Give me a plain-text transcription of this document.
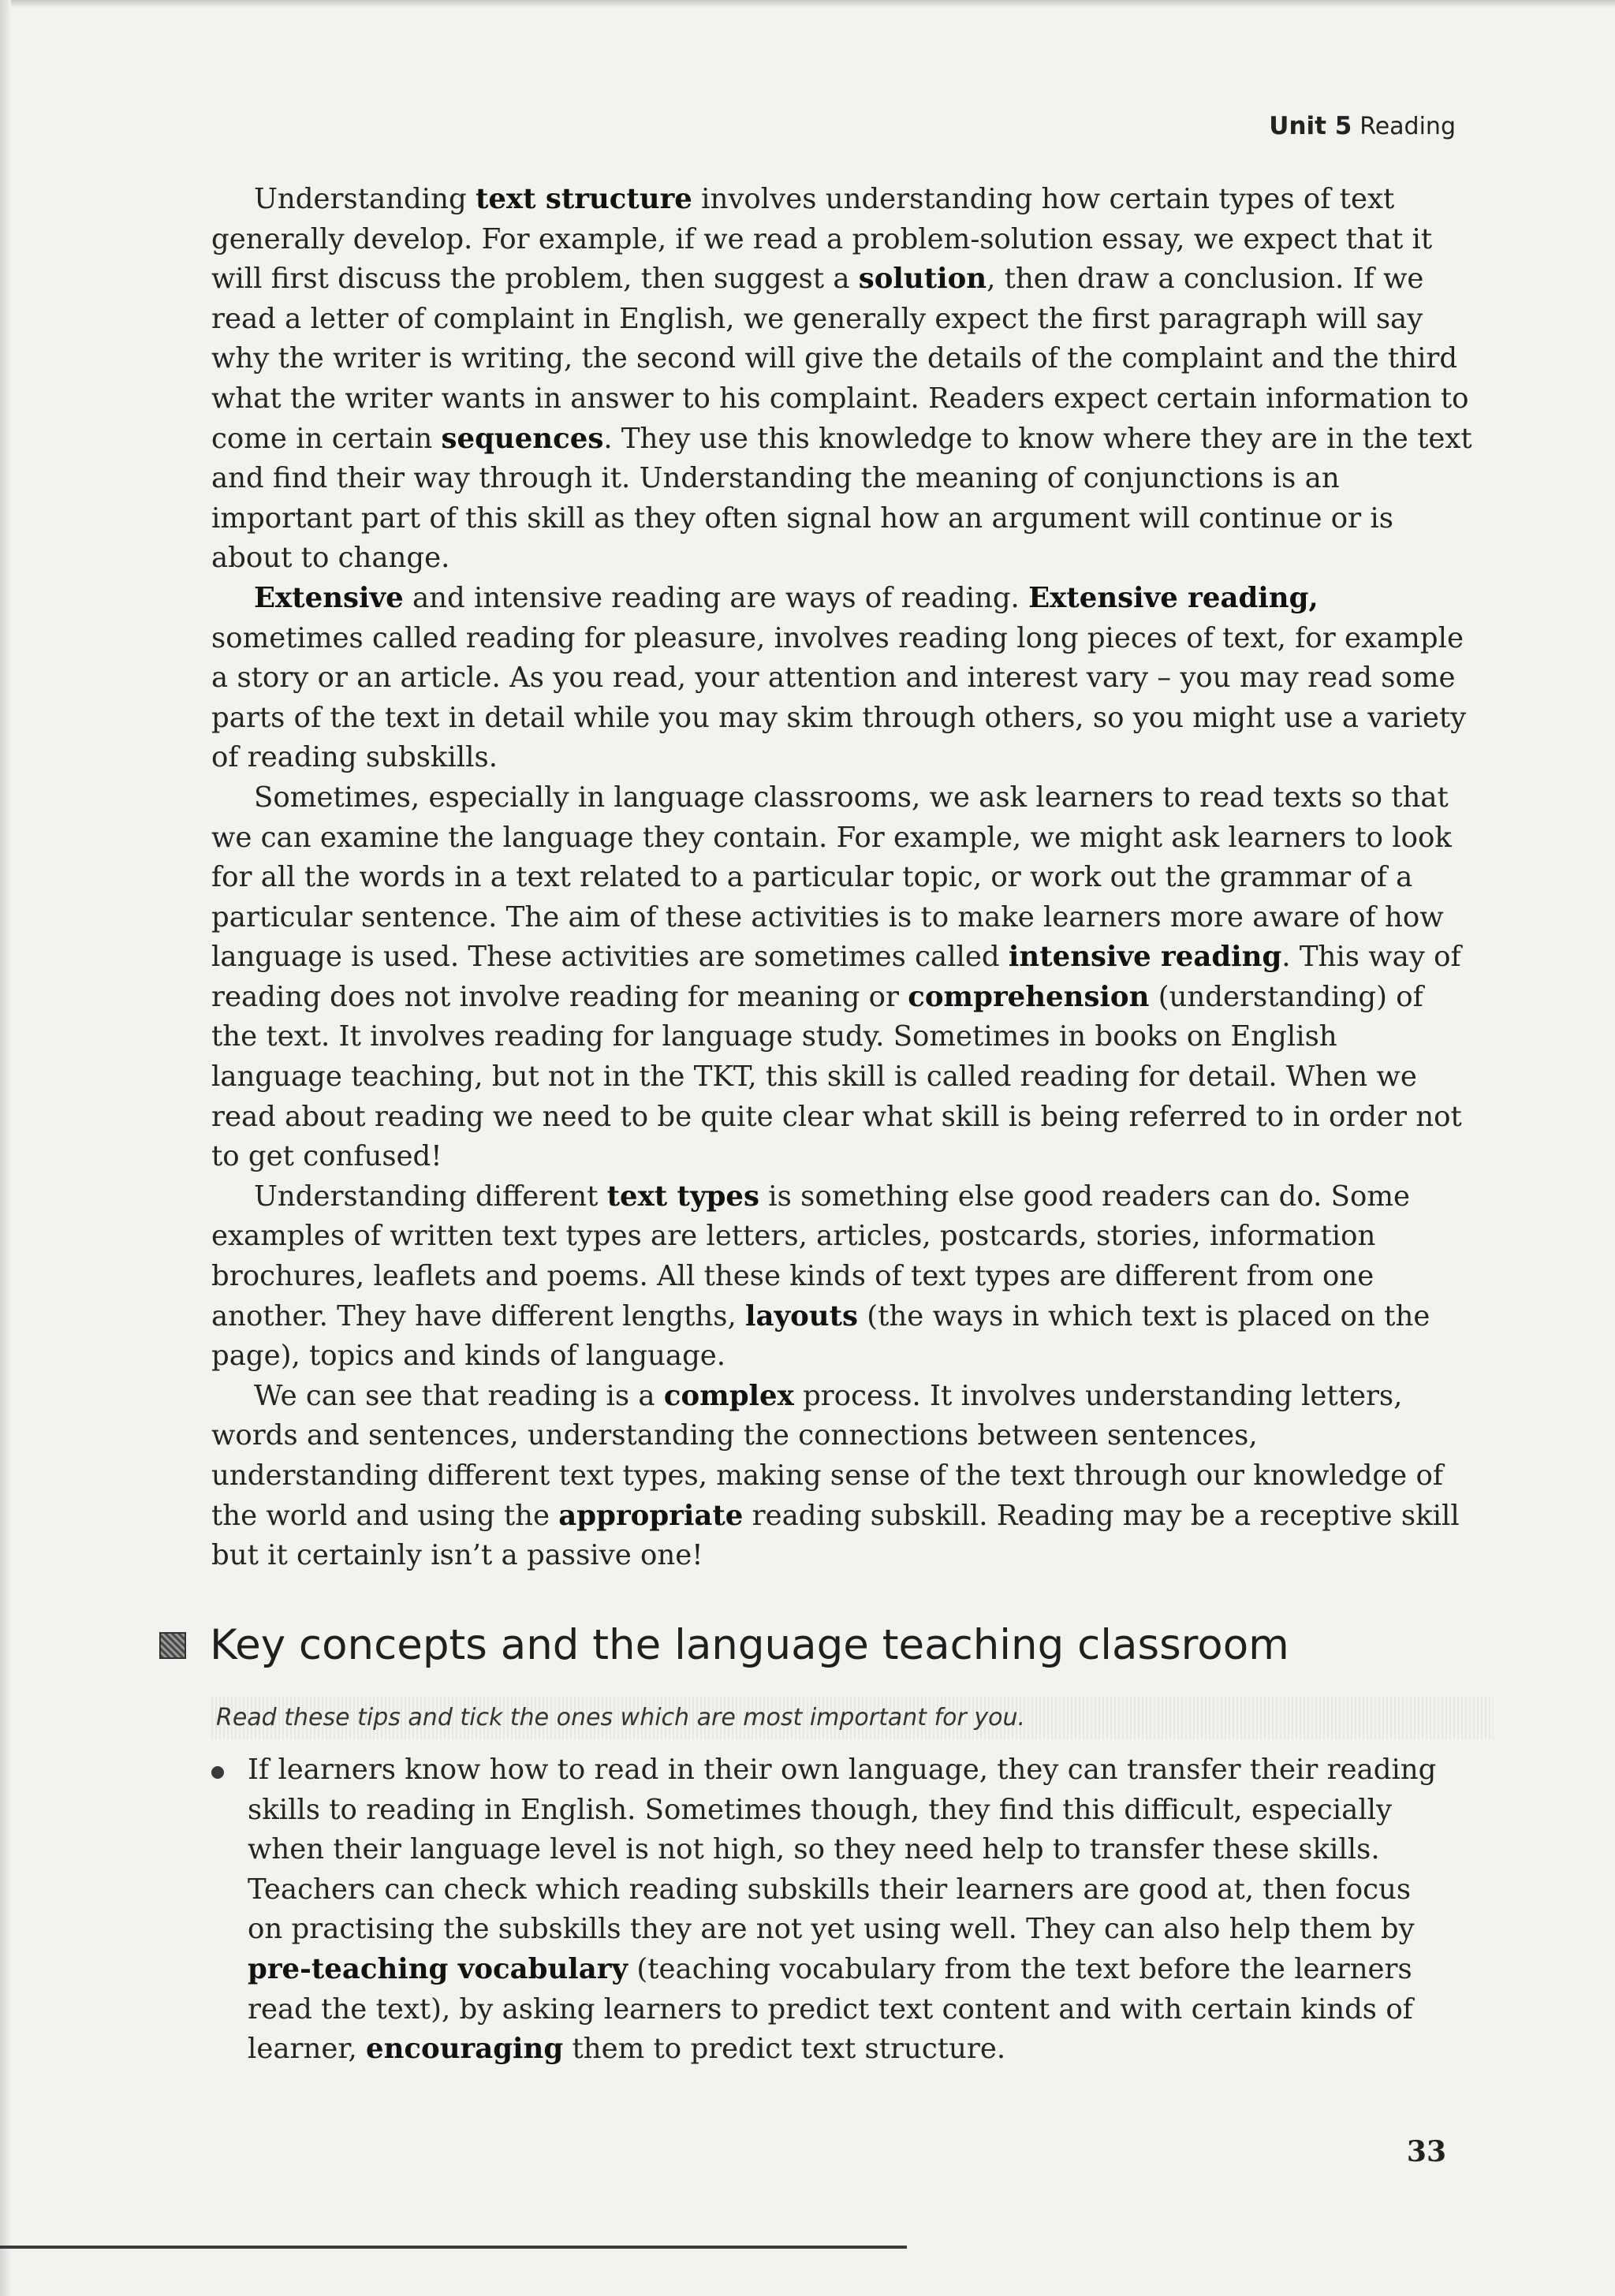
Unit 5 Reading

Understanding text structure involves understanding how certain types of text generally develop. For example, if we read a problem-solution essay, we expect that it will first discuss the problem, then suggest a solution, then draw a conclusion. If we read a letter of complaint in English, we generally expect the first paragraph will say why the writer is writing, the second will give the details of the complaint and the third what the writer wants in answer to his complaint. Readers expect certain information to come in certain sequences. They use this knowledge to know where they are in the text and find their way through it. Understanding the meaning of conjunctions is an important part of this skill as they often signal how an argument will continue or is about to change.

Extensive and intensive reading are ways of reading. Extensive reading, sometimes called reading for pleasure, involves reading long pieces of text, for example a story or an article. As you read, your attention and interest vary – you may read some parts of the text in detail while you may skim through others, so you might use a variety of reading subskills.

Sometimes, especially in language classrooms, we ask learners to read texts so that we can examine the language they contain. For example, we might ask learners to look for all the words in a text related to a particular topic, or work out the grammar of a particular sentence. The aim of these activities is to make learners more aware of how language is used. These activities are sometimes called intensive reading. This way of reading does not involve reading for meaning or comprehension (understanding) of the text. It involves reading for language study. Sometimes in books on English language teaching, but not in the TKT, this skill is called reading for detail. When we read about reading we need to be quite clear what skill is being referred to in order not to get confused!

Understanding different text types is something else good readers can do. Some examples of written text types are letters, articles, postcards, stories, information brochures, leaflets and poems. All these kinds of text types are different from one another. They have different lengths, layouts (the ways in which text is placed on the page), topics and kinds of language.

We can see that reading is a complex process. It involves understanding letters, words and sentences, understanding the connections between sentences, understanding different text types, making sense of the text through our knowledge of the world and using the appropriate reading subskill. Reading may be a receptive skill but it certainly isn’t a passive one!

Key concepts and the language teaching classroom
Read these tips and tick the ones which are most important for you.
If learners know how to read in their own language, they can transfer their reading skills to reading in English. Sometimes though, they find this difficult, especially when their language level is not high, so they need help to transfer these skills. Teachers can check which reading subskills their learners are good at, then focus on practising the subskills they are not yet using well. They can also help them by pre-teaching vocabulary (teaching vocabulary from the text before the learners read the text), by asking learners to predict text content and with certain kinds of learner, encouraging them to predict text structure.
33
